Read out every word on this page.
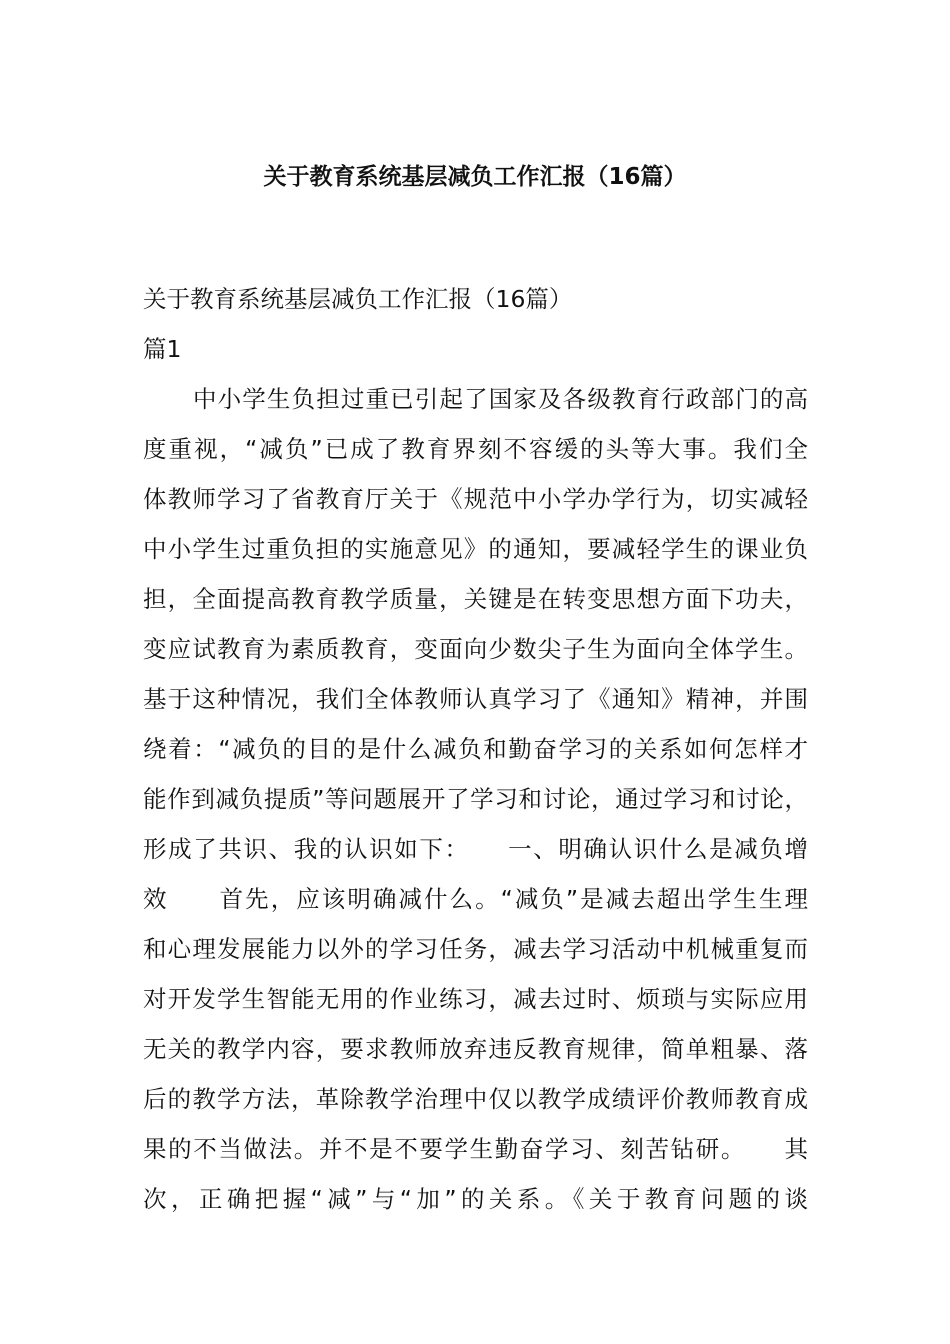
关于教育系统基层减负工作汇报（16篇）
关于教育系统基层减负工作汇报（16篇）
篇1
中小学生负担过重已引起了国家及各级教育行政部门的高
度重视，“减负”已成了教育界刻不容缓的头等大事。我们全
体教师学习了省教育厅关于《规范中小学办学行为，切实减轻
中小学生过重负担的实施意见》的通知，要减轻学生的课业负
担，全面提高教育教学质量，关键是在转变思想方面下功夫，
变应试教育为素质教育，变面向少数尖子生为面向全体学生。
基于这种情况，我们全体教师认真学习了《通知》精神，并围
绕着：“减负的目的是什么减负和勤奋学习的关系如何怎样才
能作到减负提质”等问题展开了学习和讨论，通过学习和讨论，
形成了共识、我的认识如下：　　一、明确认识什么是减负增
效　　首先，应该明确减什么。“减负”是减去超出学生生理
和心理发展能力以外的学习任务，减去学习活动中机械重复而
对开发学生智能无用的作业练习，减去过时、烦琐与实际应用
无关的教学内容，要求教师放弃违反教育规律，简单粗暴、落
后的教学方法，革除教学治理中仅以教学成绩评价教师教育成
果的不当做法。并不是不要学生勤奋学习、刻苦钻研。　　其
次，正确把握“减”与“加”的关系。《关于教育问题的谈
